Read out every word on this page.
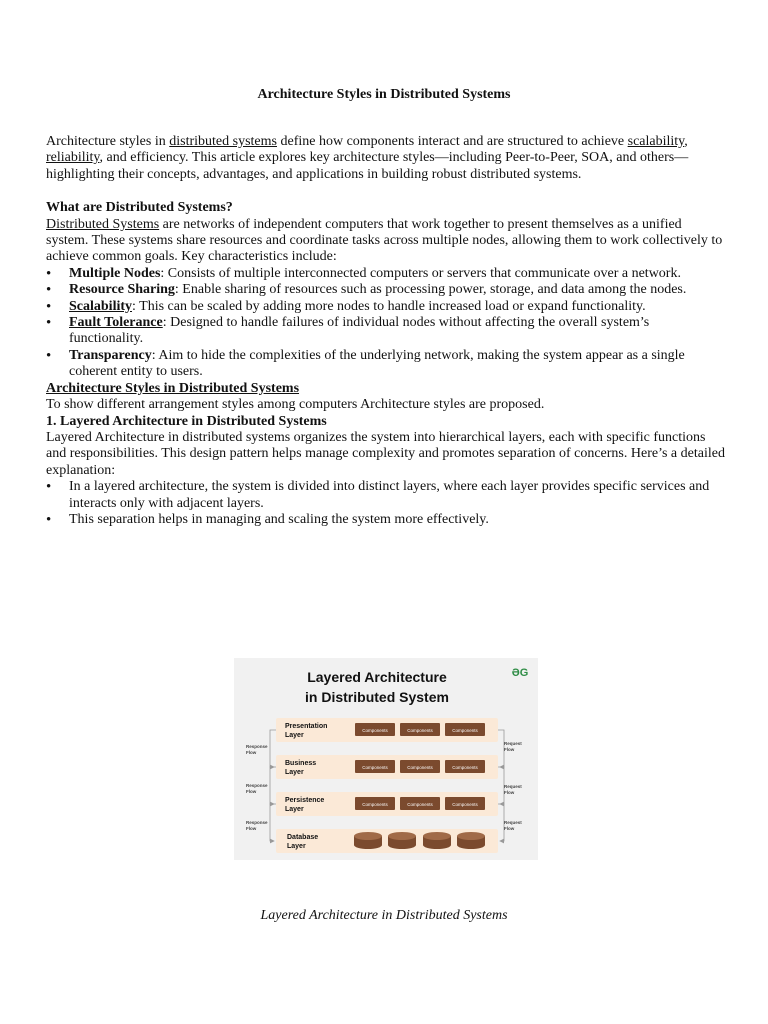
Architecture Styles in Distributed Systems

Architecture styles in distributed systems define how components interact and are structured to achieve scalability, reliability, and efficiency. This article explores key architecture styles—including Peer-to-Peer, SOA, and others—highlighting their concepts, advantages, and applications in building robust distributed systems.

What are Distributed Systems?

Distributed Systems are networks of independent computers that work together to present themselves as a unified system. These systems share resources and coordinate tasks across multiple nodes, allowing them to work collectively to achieve common goals. Key characteristics include:

• Multiple Nodes: Consists of multiple interconnected computers or servers that communicate over a network.
• Resource Sharing: Enable sharing of resources such as processing power, storage, and data among the nodes.
• Scalability: This can be scaled by adding more nodes to handle increased load or expand functionality.
• Fault Tolerance: Designed to handle failures of individual nodes without affecting the overall system’s functionality.
• Transparency: Aim to hide the complexities of the underlying network, making the system appear as a single coherent entity to users.

Architecture Styles in Distributed Systems

To show different arrangement styles among computers Architecture styles are proposed.

1. Layered Architecture in Distributed Systems

Layered Architecture in distributed systems organizes the system into hierarchical layers, each with specific functions and responsibilities. This design pattern helps manage complexity and promotes separation of concerns. Here’s a detailed explanation:

• In a layered architecture, the system is divided into distinct layers, where each layer provides specific services and interacts only with adjacent layers.
• This separation helps in managing and scaling the system more effectively.
Layered Architecture
in Distributed System
ƏG
Presentation Layer
Business Layer
Persistence Layer
Database Layer
Components	Components	Components
Components	Components	Components
Components	Components	Components
Response Flow
Response Flow
Response Flow
Request Flow
Request Flow
Request Flow
Layered Architecture in Distributed Systems
